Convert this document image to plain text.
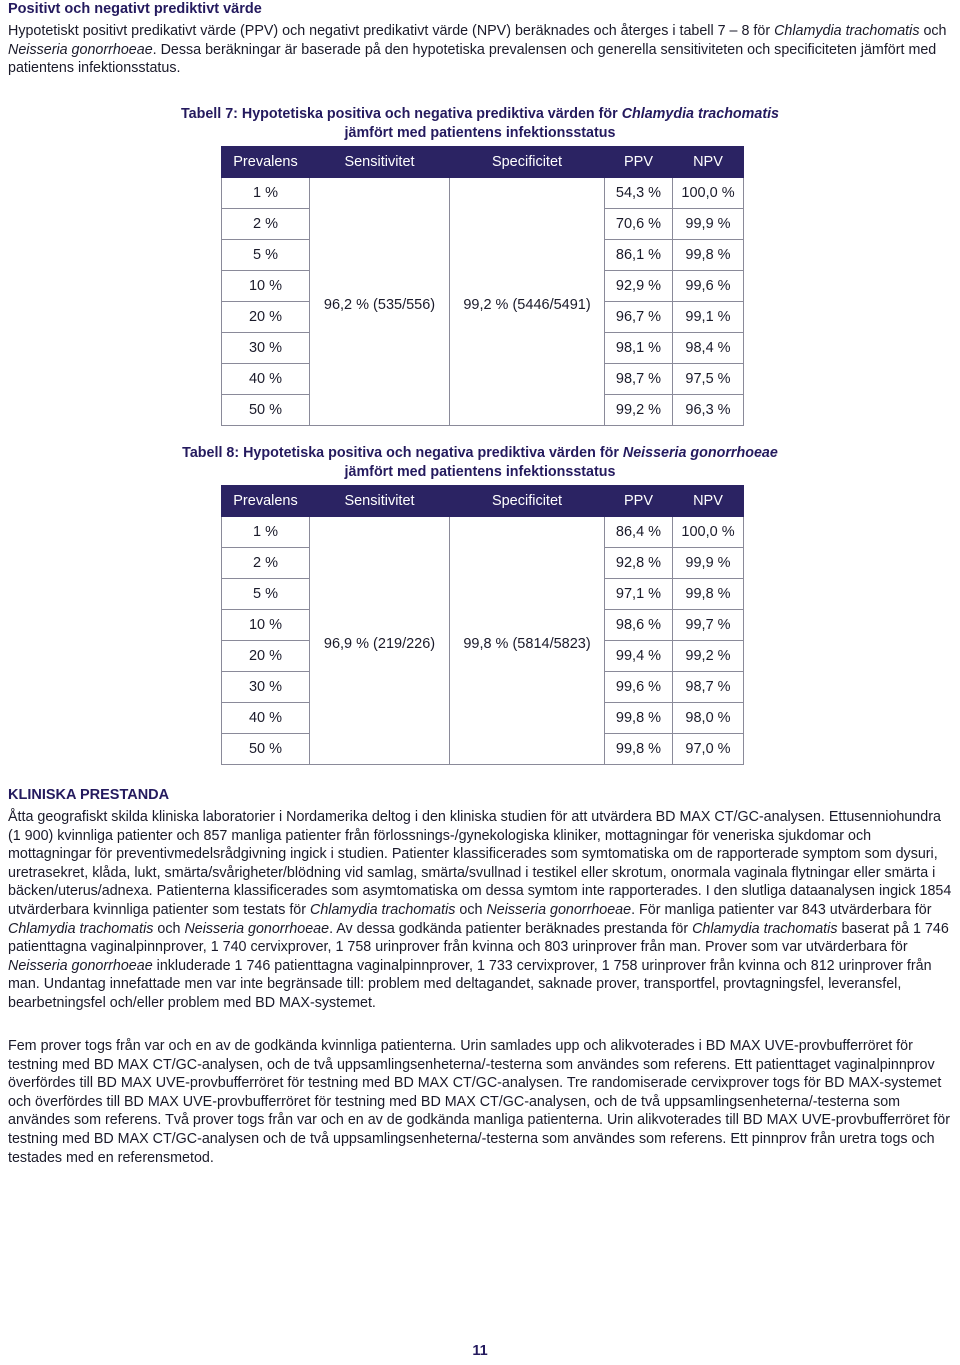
Positivt och negativt prediktivt värde
Hypotetiskt positivt predikativt värde (PPV) och negativt predikativt värde (NPV) beräknades och återges i tabell 7 – 8 för Chlamydia trachomatis och Neisseria gonorrhoeae. Dessa beräkningar är baserade på den hypotetiska prevalensen och generella sensitiviteten och specificiteten jämfört med patientens infektionsstatus.
Tabell 7: Hypotetiska positiva och negativa prediktiva värden för Chlamydia trachomatis
jämfört med patientens infektionsstatus
Prevalens	Sensitivitet	Specificitet	PPV	NPV
1 %	96,2 % (535/556)	99,2 % (5446/5491)	54,3 %	100,0 %
2 %			70,6 %	99,9 %
5 %			86,1 %	99,8 %
10 %			92,9 %	99,6 %
20 %			96,7 %	99,1 %
30 %			98,1 %	98,4 %
40 %			98,7 %	97,5 %
50 %			99,2 %	96,3 %
Tabell 8: Hypotetiska positiva och negativa prediktiva värden för Neisseria gonorrhoeae
jämfört med patientens infektionsstatus
Prevalens	Sensitivitet	Specificitet	PPV	NPV
1 %	96,9 % (219/226)	99,8 % (5814/5823)	86,4 %	100,0 %
2 %			92,8 %	99,9 %
5 %			97,1 %	99,8 %
10 %			98,6 %	99,7 %
20 %			99,4 %	99,2 %
30 %			99,6 %	98,7 %
40 %			99,8 %	98,0 %
50 %			99,8 %	97,0 %
KLINISKA PRESTANDA
Åtta geografiskt skilda kliniska laboratorier i Nordamerika deltog i den kliniska studien för att utvärdera BD MAX CT/GC-analysen. Ettusenniohundra (1 900) kvinnliga patienter och 857 manliga patienter från förlossnings-/gynekologiska kliniker, mottagningar för veneriska sjukdomar och mottagningar för preventivmedelsrådgivning ingick i studien. Patienter klassificerades som symtomatiska om de rapporterade symptom som dysuri, uretrasekret, klåda, lukt, smärta/svårigheter/blödning vid samlag, smärta/svullnad i testikel eller skrotum, onormala vaginala flytningar eller smärta i bäcken/uterus/adnexa. Patienterna klassificerades som asymtomatiska om dessa symtom inte rapporterades. I den slutliga dataanalysen ingick 1854 utvärderbara kvinnliga patienter som testats för Chlamydia trachomatis och Neisseria gonorrhoeae. För manliga patienter var 843 utvärderbara för Chlamydia trachomatis och Neisseria gonorrhoeae. Av dessa godkända patienter beräknades prestanda för Chlamydia trachomatis baserat på 1 746 patienttagna vaginalpinnprover, 1 740 cervixprover, 1 758 urinprover från kvinna och 803 urinprover från man. Prover som var utvärderbara för Neisseria gonorrhoeae inkluderade 1 746 patienttagna vaginalpinnprover, 1 733 cervixprover, 1 758 urinprover från kvinna och 812 urinprover från man. Undantag innefattade men var inte begränsade till: problem med deltagandet, saknade prover, transportfel, provtagningsfel, leveransfel, bearbetningsfel och/eller problem med BD MAX-systemet.
Fem prover togs från var och en av de godkända kvinnliga patienterna. Urin samlades upp och alikvoterades i BD MAX UVE-provbufferröret för testning med BD MAX CT/GC-analysen, och de två uppsamlingsenheterna/-testerna som användes som referens. Ett patienttaget vaginalpinnprov överfördes till BD MAX UVE-provbufferröret för testning med BD MAX CT/GC-analysen. Tre randomiserade cervixprover togs för BD MAX-systemet och överfördes till BD MAX UVE-provbufferröret för testning med BD MAX CT/GC-analysen, och de två uppsamlingsenheterna/-testerna som användes som referens. Två prover togs från var och en av de godkända manliga patienterna. Urin alikvoterades till BD MAX UVE-provbufferröret för testning med BD MAX CT/GC-analysen och de två uppsamlingsenheterna/-testerna som användes som referens. Ett pinnprov från uretra togs och testades med en referensmetod.
11
